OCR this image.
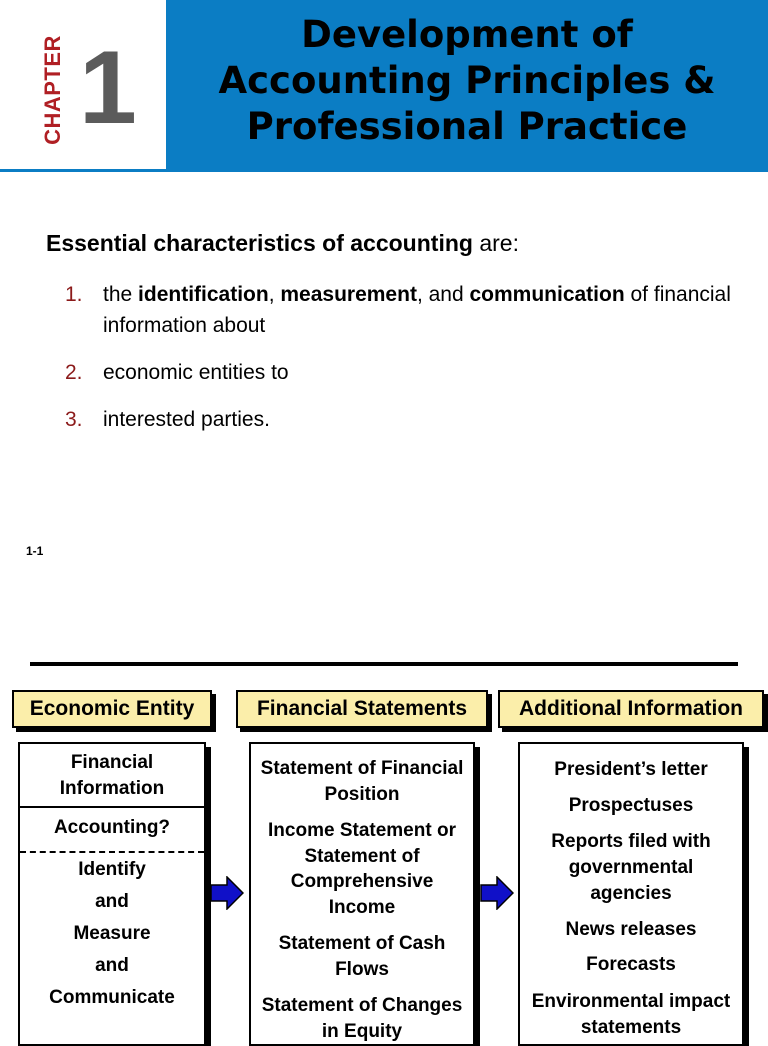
CHAPTER 1	Development of
Accounting Principles &
Professional Practice
Essential characteristics of accounting are:
1. the identification, measurement, and communication of financial information about
2. economic entities to
3. interested parties.
1-1
Economic Entity	Financial Statements	Additional Information
Financial Information
Accounting?
Identify
and
Measure
and
Communicate
Statement of Financial Position
Income Statement or Statement of Comprehensive Income
Statement of Cash Flows
Statement of Changes in Equity
President’s letter
Prospectuses
Reports filed with governmental agencies
News releases
Forecasts
Environmental impact statements
